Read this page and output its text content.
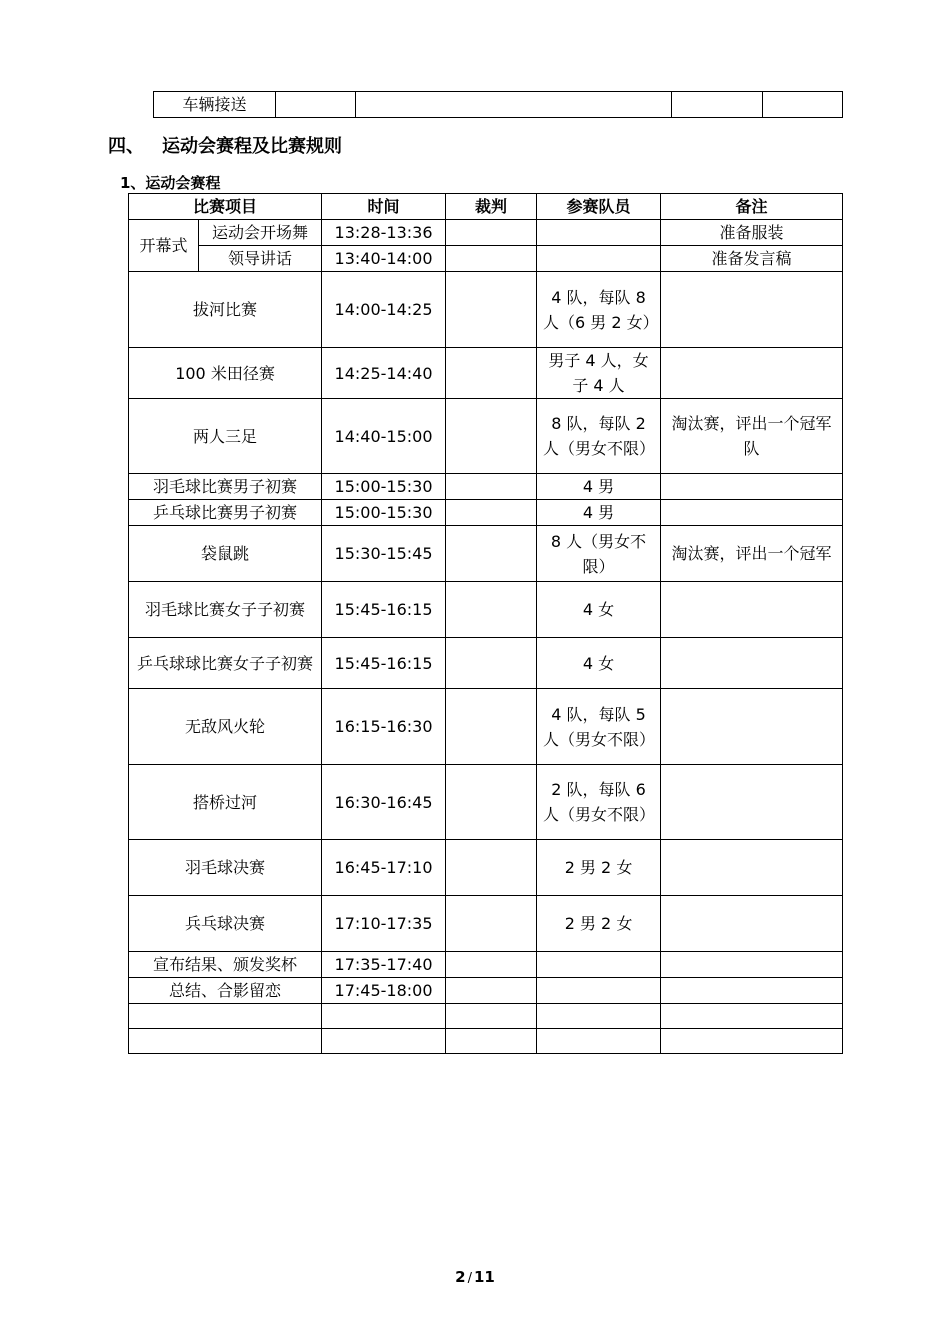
车辆接送				
四、 运动会赛程及比赛规则
1、运动会赛程
比赛项目		时间	裁判	参赛队员	备注
开幕式	运动会开场舞	13:28-13:36			准备服装
	领导讲话	13:40-14:00			准备发言稿
拔河比赛		14:00-14:25		4 队，每队 8 人（6 男 2 女）	
100 米田径赛		14:25-14:40		男子 4 人，女子 4 人	
两人三足		14:40-15:00		8 队，每队 2 人（男女不限）	淘汰赛，评出一个冠军队
羽毛球比赛男子初赛		15:00-15:30		4 男	
乒乓球比赛男子初赛		15:00-15:30		4 男	
袋鼠跳		15:30-15:45		8 人（男女不限）	淘汰赛，评出一个冠军
羽毛球比赛女子子初赛		15:45-16:15		4 女	
乒乓球球比赛女子子初赛		15:45-16:15		4 女	
无敌风火轮		16:15-16:30		4 队，每队 5 人（男女不限）	
搭桥过河		16:30-16:45		2 队，每队 6 人（男女不限）	
羽毛球决赛		16:45-17:10		2 男 2 女	
兵乓球决赛		17:10-17:35		2 男 2 女	
宣布结果、颁发奖杯		17:35-17:40			
总结、合影留恋		17:45-18:00			

2 / 11
